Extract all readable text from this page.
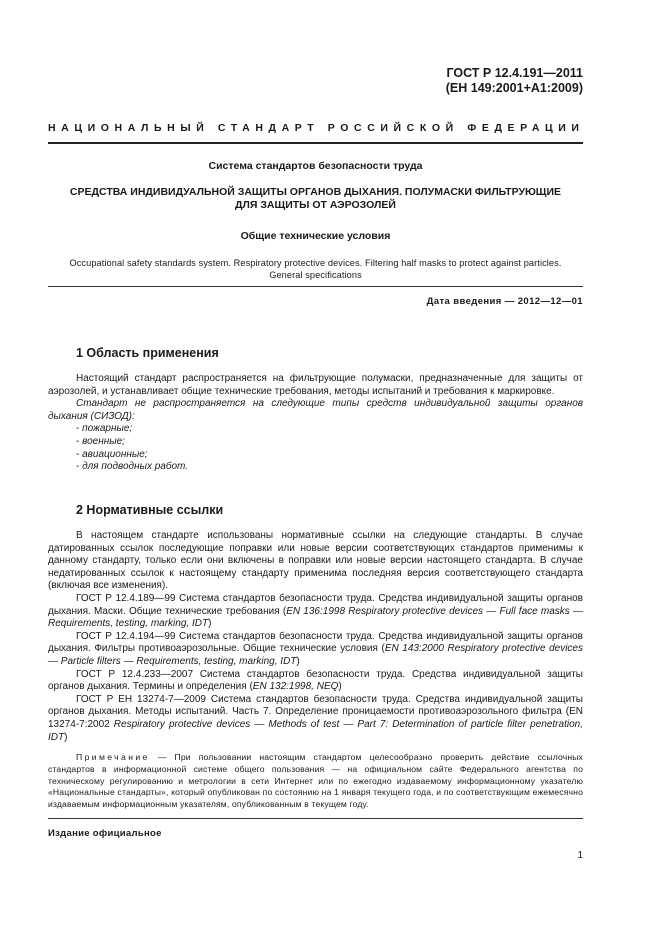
ГОСТ Р 12.4.191—2011
(ЕН 149:2001+А1:2009)
НАЦИОНАЛЬНЫЙ СТАНДАРТ РОССИЙСКОЙ ФЕДЕРАЦИИ
Система стандартов безопасности труда
СРЕДСТВА ИНДИВИДУАЛЬНОЙ ЗАЩИТЫ ОРГАНОВ ДЫХАНИЯ. ПОЛУМАСКИ ФИЛЬТРУЮЩИЕ
ДЛЯ ЗАЩИТЫ ОТ АЭРОЗОЛЕЙ
Общие технические условия
Occupational safety standards system. Respiratory protective devices. Filtering half masks to protect against particles.
General specifications
Дата введения — 2012—12—01
1 Область применения

Настоящий стандарт распространяется на фильтрующие полумаски, предназначенные для защиты от аэрозолей, и устанавливает общие технические требования, методы испытаний и требования к маркировке.

Стандарт не распространяется на следующие типы средств индивидуальной защиты органов дыхания (СИЗОД):

- пожарные;
- военные;
- авиационные;
- для подводных работ.
2 Нормативные ссылки

В настоящем стандарте использованы нормативные ссылки на следующие стандарты. В случае датированных ссылок последующие поправки или новые версии соответствующих стандартов применимы к данному стандарту, только если они включены в поправки или новые версии настоящего стандарта. В случае недатированных ссылок к настоящему стандарту применима последняя версия соответствующего стандарта (включая все изменения).

ГОСТ Р 12.4.189—99 Система стандартов безопасности труда. Средства индивидуальной защиты органов дыхания. Маски. Общие технические требования (EN 136:1998 Respiratory protective devices — Full face masks — Requirements, testing, marking, IDT)

ГОСТ Р 12.4.194—99 Система стандартов безопасности труда. Средства индивидуальной защиты органов дыхания. Фильтры противоаэрозольные. Общие технические условия (EN 143:2000 Respiratory protective devices — Particle filters — Requirements, testing, marking, IDT)

ГОСТ Р 12.4.233—2007 Система стандартов безопасности труда. Средства индивидуальной защиты органов дыхания. Термины и определения (EN 132:1998, NEQ)

ГОСТ Р ЕН 13274-7—2009 Система стандартов безопасности труда. Средства индивидуальной защиты органов дыхания. Методы испытаний. Часть 7. Определение проницаемости противоаэрозольного фильтра (EN 13274-7:2002 Respiratory protective devices — Methods of test — Part 7: Determination of particle filter penetration, IDT)

Примечание — При пользовании настоящим стандартом целесообразно проверить действие ссылочных стандартов в информационной системе общего пользования — на официальном сайте Федерального агентства по техническому регулированию и метрологии в сети Интернет или по ежегодно издаваемому информационному указателю «Национальные стандарты», который опубликован по состоянию на 1 января текущего года, и по соответствующим ежемесячно издаваемым информационным указателям, опубликованным в текущем году.

Издание официальное
1
